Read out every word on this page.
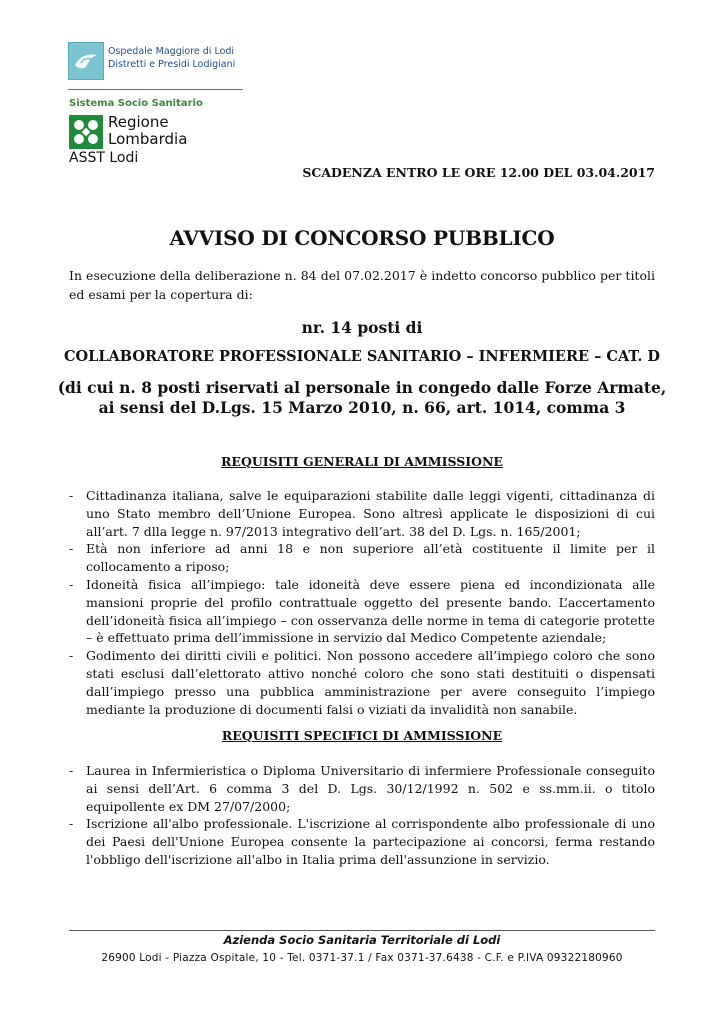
Ospedale Maggiore di Lodi
Distretti e Presidi Lodigiani
Sistema Socio Sanitario
Regione
Lombardia
ASST Lodi
SCADENZA ENTRO LE ORE 12.00 DEL 03.04.2017
AVVISO DI CONCORSO PUBBLICO
In esecuzione della deliberazione n. 84 del 07.02.2017 è indetto concorso pubblico per titoli ed esami per la copertura di:
nr. 14 posti di
COLLABORATORE PROFESSIONALE SANITARIO – INFERMIERE – CAT. D
(di cui n. 8 posti riservati al personale in congedo dalle Forze Armate,
ai sensi del D.Lgs. 15 Marzo 2010, n. 66, art. 1014, comma 3
REQUISITI GENERALI DI AMMISSIONE
- Cittadinanza italiana, salve le equiparazioni stabilite dalle leggi vigenti, cittadinanza di uno Stato membro dell’Unione Europea. Sono altresì applicate le disposizioni di cui all’art. 7 dlla legge n. 97/2013 integrativo dell’art. 38 del D. Lgs. n. 165/2001;
- Età non inferiore ad anni 18 e non superiore all’età costituente il limite per il collocamento a riposo;
- Idoneità fisica all’impiego: tale idoneità deve essere piena ed incondizionata alle mansioni proprie del profilo contrattuale oggetto del presente bando. L’accertamento dell’idoneità fisica all’impiego – con osservanza delle norme in tema di categorie protette – è effettuato prima dell’immissione in servizio dal Medico Competente aziendale;
- Godimento dei diritti civili e politici. Non possono accedere all’impiego coloro che sono stati esclusi dall’elettorato attivo nonché coloro che sono stati destituiti o dispensati dall’impiego presso una pubblica amministrazione per avere conseguito l’impiego mediante la produzione di documenti falsi o viziati da invalidità non sanabile.
REQUISITI SPECIFICI DI AMMISSIONE
- Laurea in Infermieristica o Diploma Universitario di infermiere Professionale conseguito ai sensi dell’Art. 6 comma 3 del D. Lgs. 30/12/1992 n. 502 e ss.mm.ii. o titolo equipollente ex DM 27/07/2000;
- Iscrizione all'albo professionale. L'iscrizione al corrispondente albo professionale di uno dei Paesi dell'Unione Europea consente la partecipazione ai concorsi, ferma restando l'obbligo dell'iscrizione all'albo in Italia prima dell'assunzione in servizio.
Azienda Socio Sanitaria Territoriale di Lodi
26900 Lodi - Piazza Ospitale, 10 - Tel. 0371-37.1 / Fax 0371-37.6438 - C.F. e P.IVA 09322180960
